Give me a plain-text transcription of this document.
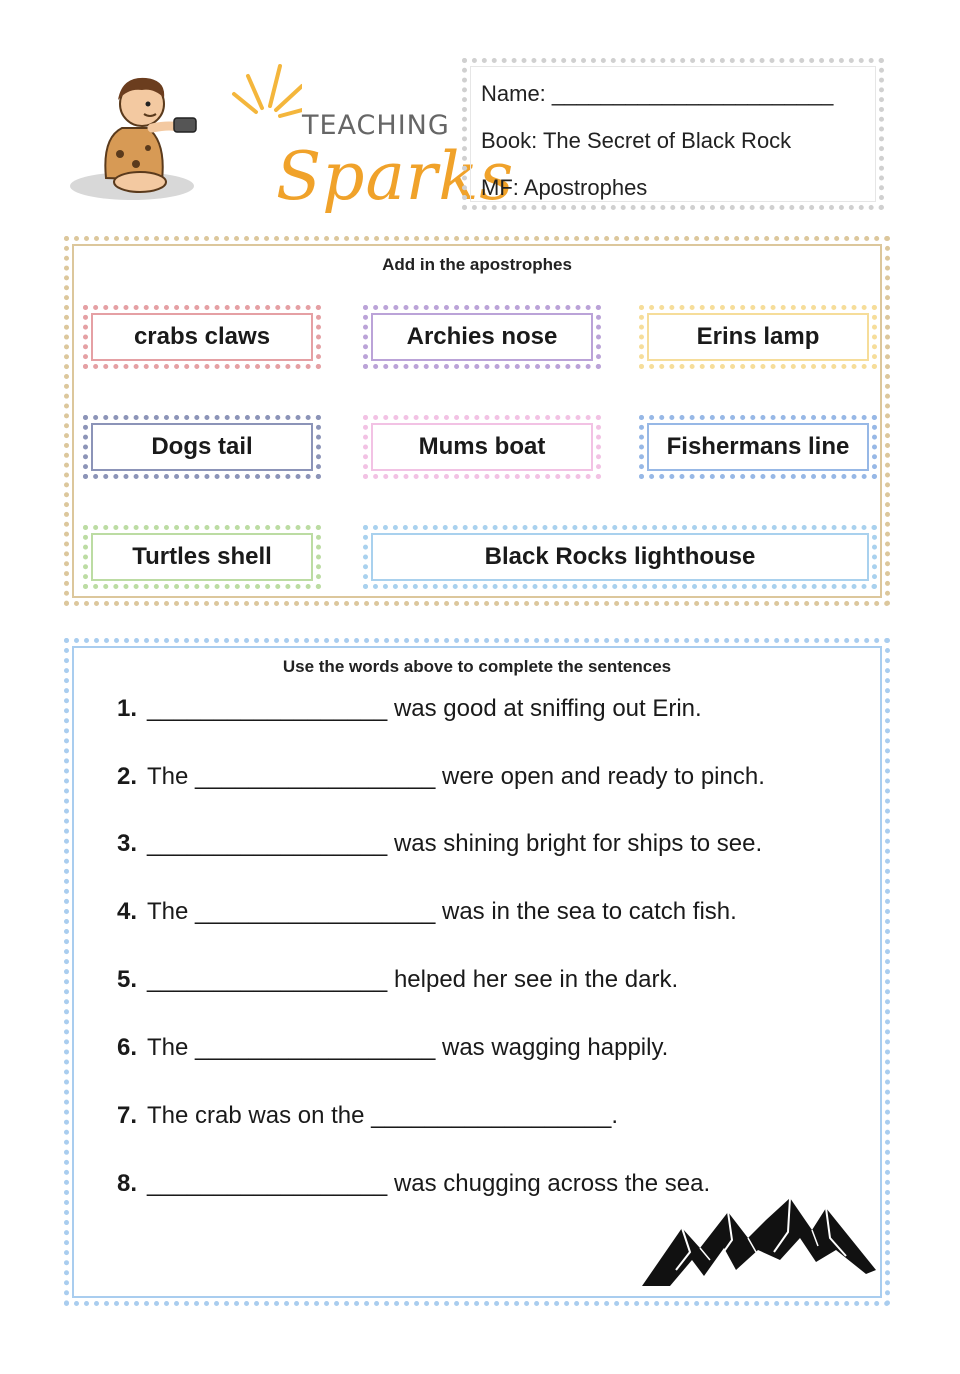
TEACHING
Sparks
Name: _______________________
Book: The Secret of Black Rock
MF: Apostrophes
Add in the apostrophes
crabs claws	Archies nose	Erins lamp
Dogs tail	Mums boat	Fishermans line
Turtles shell	Black Rocks lighthouse
Use the words above to complete the sentences
1. __________________ was good at sniffing out Erin.
2. The __________________ were open and ready to pinch.
3. __________________ was shining bright for ships to see.
4. The __________________ was in the sea to catch fish.
5. __________________ helped her see in the dark.
6. The __________________ was wagging happily.
7. The crab was on the __________________.
8. __________________ was chugging across the sea.
